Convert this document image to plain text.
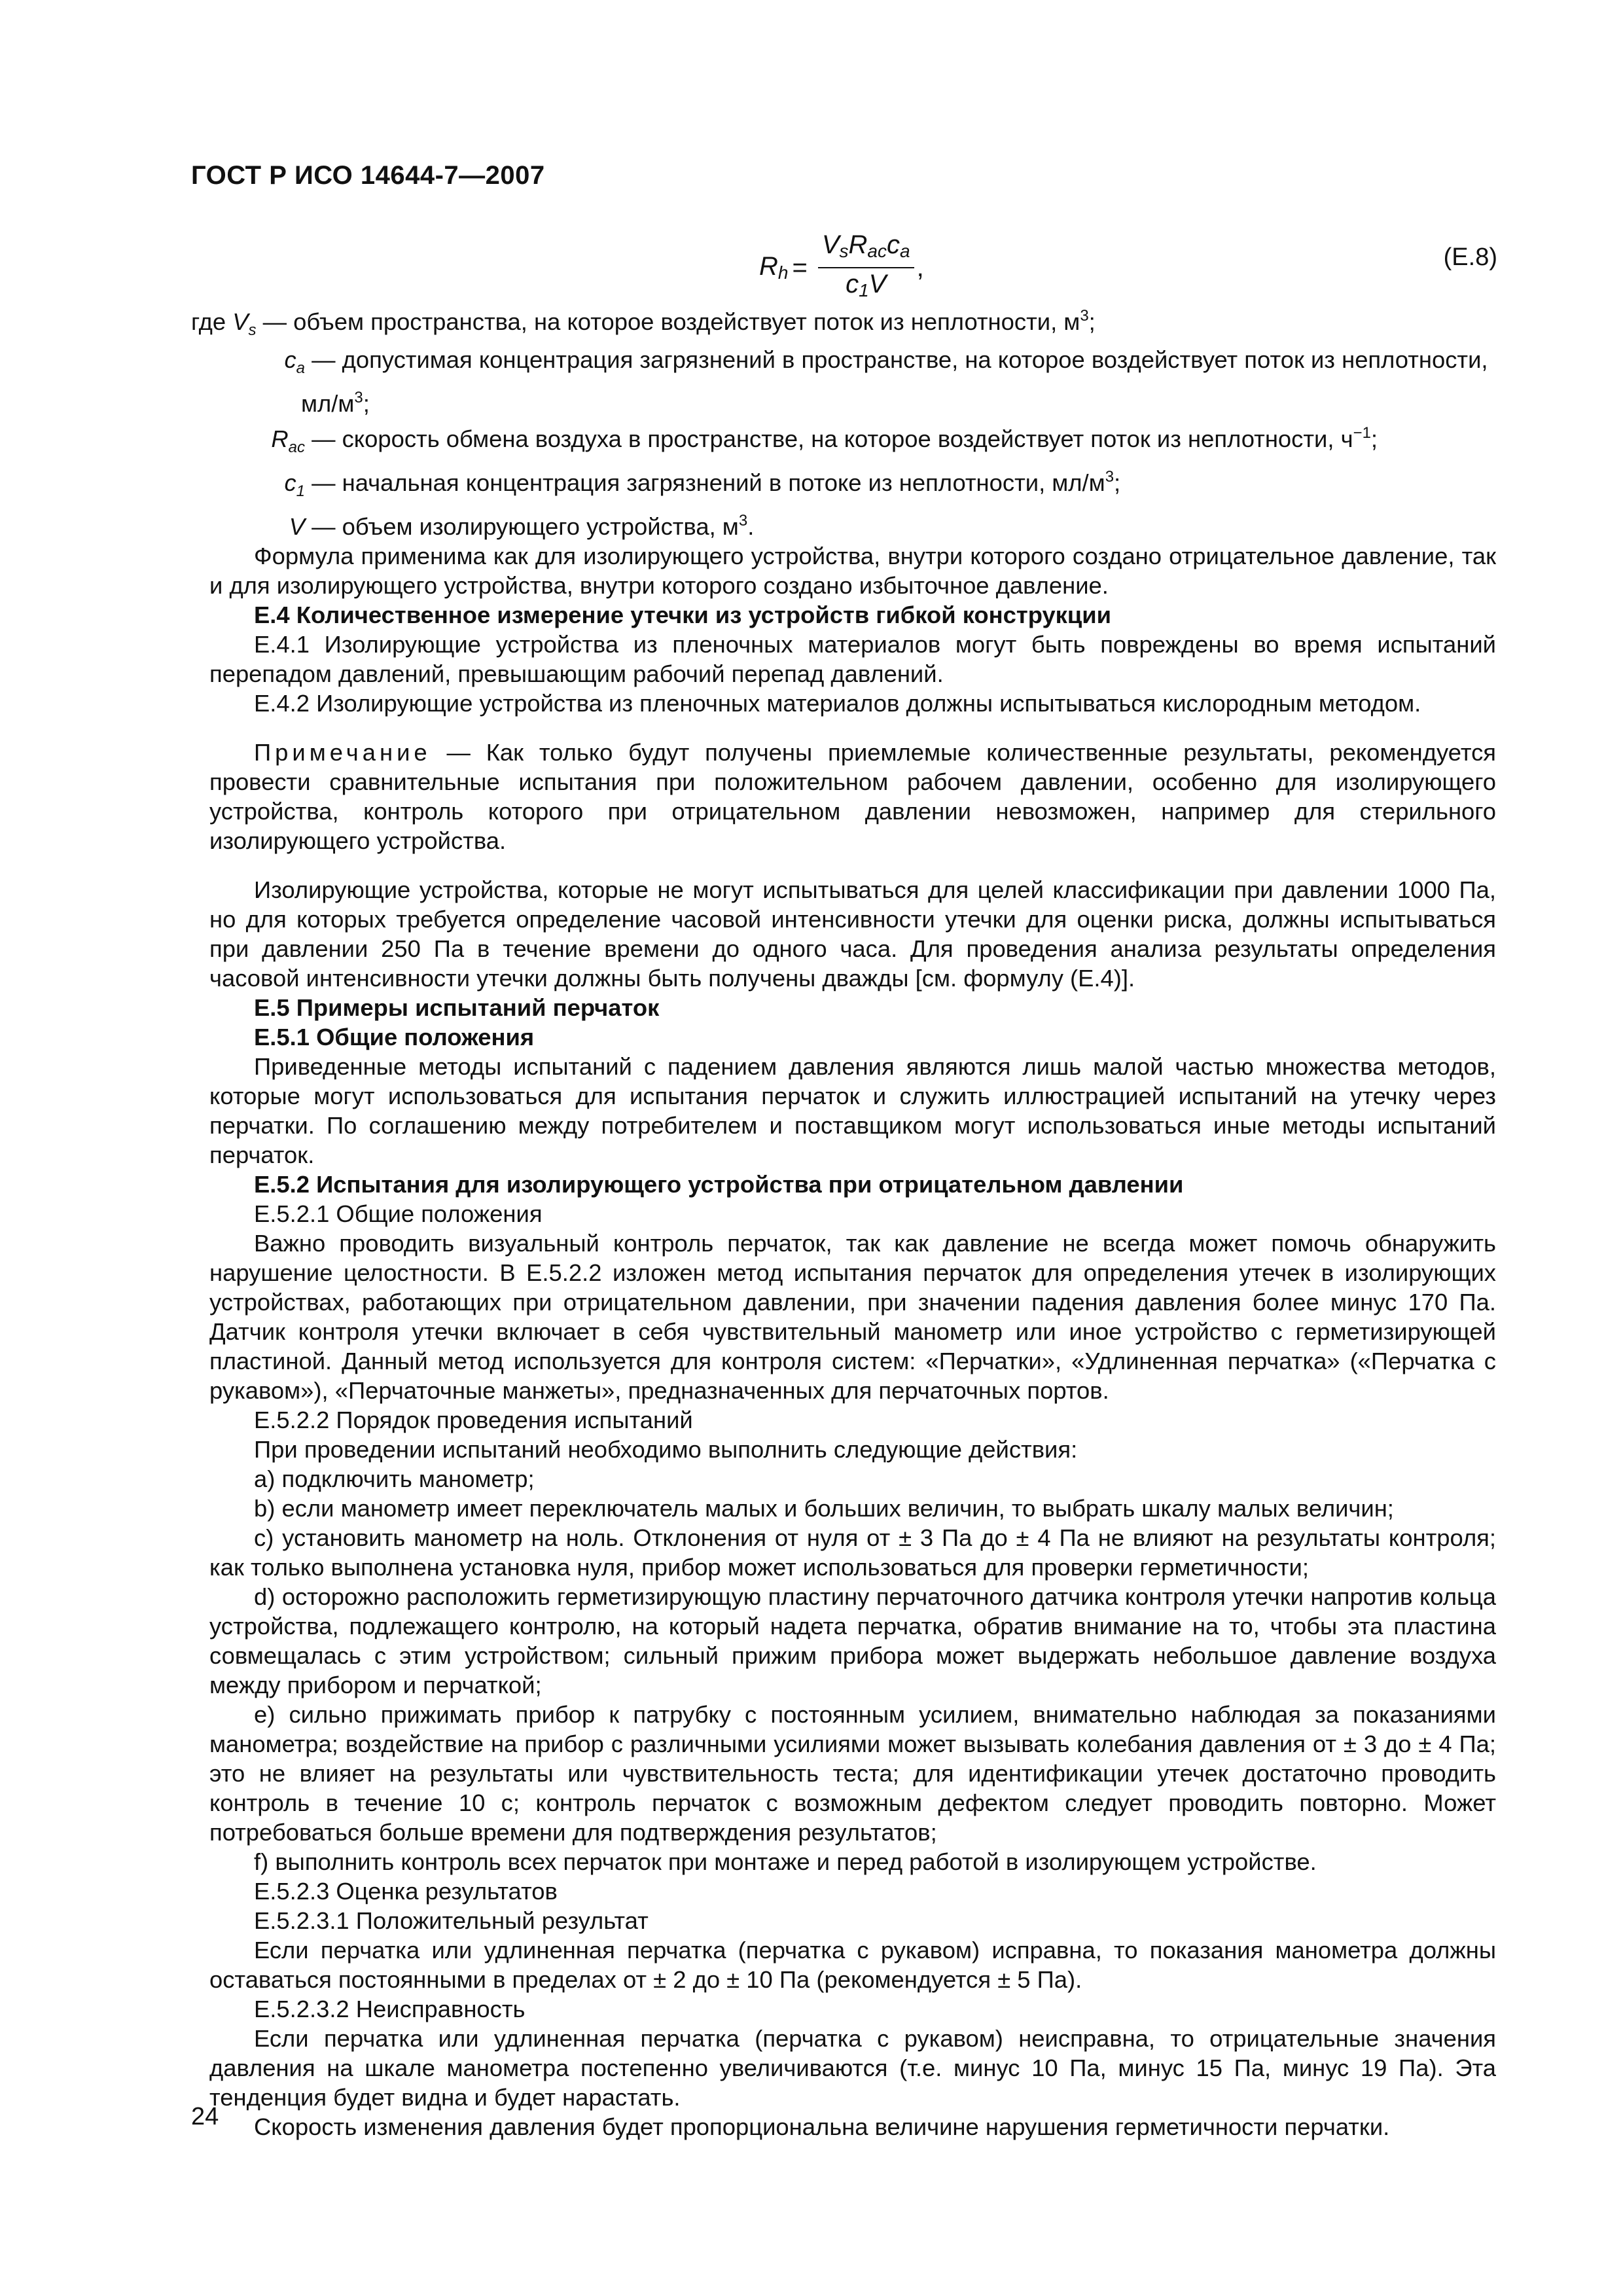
ГОСТ Р ИСО 14644-7—2007
$Rh = \frac{\text{VsRacca}}{c1V}$ ,	(E.8)
где $V_s$ — объем пространства, на которое воздействует поток из неплотности, $м^3$;
$c_a$ — допустимая концентрация загрязнений в пространстве, на которое воздействует поток из неплотности,
$мл/м^3$;
$R_{ac}$ — скорость обмена воздуха в пространстве, на которое воздействует поток из неплотности, $ч^{-1}$;
$c_1$ — начальная концентрация загрязнений в потоке из неплотности, $мл/м^3$;
V — объем изолирующего устройства, $м^3$.

Формула применима как для изолирующего устройства, внутри которого создано отрицательное давление, так и для изолирующего устройства, внутри которого создано избыточное давление.

Е.4 Количественное измерение утечки из устройств гибкой конструкции

Е.4.1 Изолирующие устройства из пленочных материалов могут быть повреждены во время испытаний перепадом давлений, превышающим рабочий перепад давлений.

Е.4.2 Изолирующие устройства из пленочных материалов должны испытываться кислородным методом.

Примечание — Как только будут получены приемлемые количественные результаты, рекомендуется провести сравнительные испытания при положительном рабочем давлении, особенно для изолирующего устройства, контроль которого при отрицательном давлении невозможен, например для стерильного изолирующего устройства.

Изолирующие устройства, которые не могут испытываться для целей классификации при давлении 1000 Па, но для которых требуется определение часовой интенсивности утечки для оценки риска, должны испытываться при давлении 250 Па в течение времени до одного часа. Для проведения анализа результаты определения часовой интенсивности утечки должны быть получены дважды [см. формулу (Е.4)].

Е.5 Примеры испытаний перчаток

Е.5.1 Общие положения

Приведенные методы испытаний с падением давления являются лишь малой частью множества методов, которые могут использоваться для испытания перчаток и служить иллюстрацией испытаний на утечку через перчатки. По соглашению между потребителем и поставщиком могут использоваться иные методы испытаний перчаток.

Е.5.2 Испытания для изолирующего устройства при отрицательном давлении

Е.5.2.1 Общие положения

Важно проводить визуальный контроль перчаток, так как давление не всегда может помочь обнаружить нарушение целостности. В Е.5.2.2 изложен метод испытания перчаток для определения утечек в изолирующих устройствах, работающих при отрицательном давлении, при значении падения давления более минус 170 Па. Датчик контроля утечки включает в себя чувствительный манометр или иное устройство с герметизирующей пластиной. Данный метод используется для контроля систем: «Перчатки», «Удлиненная перчатка» («Перчатка с рукавом»), «Перчаточные манжеты», предназначенных для перчаточных портов.

Е.5.2.2 Порядок проведения испытаний

При проведении испытаний необходимо выполнить следующие действия:

a) подключить манометр;

b) если манометр имеет переключатель малых и больших величин, то выбрать шкалу малых величин;

c) установить манометр на ноль. Отклонения от нуля от ± 3 Па до ± 4 Па не влияют на результаты контроля; как только выполнена установка нуля, прибор может использоваться для проверки герметичности;

d) осторожно расположить герметизирующую пластину перчаточного датчика контроля утечки напротив кольца устройства, подлежащего контролю, на который надета перчатка, обратив внимание на то, чтобы эта пластина совмещалась с этим устройством; сильный прижим прибора может выдержать небольшое давление воздуха между прибором и перчаткой;

e) сильно прижимать прибор к патрубку с постоянным усилием, внимательно наблюдая за показаниями манометра; воздействие на прибор с различными усилиями может вызывать колебания давления от ± 3 до ± 4 Па; это не влияет на результаты или чувствительность теста; для идентификации утечек достаточно проводить контроль в течение 10 с; контроль перчаток с возможным дефектом следует проводить повторно. Может потребоваться больше времени для подтверждения результатов;

f) выполнить контроль всех перчаток при монтаже и перед работой в изолирующем устройстве.

Е.5.2.3 Оценка результатов

Е.5.2.3.1 Положительный результат

Если перчатка или удлиненная перчатка (перчатка с рукавом) исправна, то показания манометра должны оставаться постоянными в пределах от ± 2 до ± 10 Па (рекомендуется ± 5 Па).

Е.5.2.3.2 Неисправность

Если перчатка или удлиненная перчатка (перчатка с рукавом) неисправна, то отрицательные значения давления на шкале манометра постепенно увеличиваются (т.е. минус 10 Па, минус 15 Па, минус 19 Па). Эта тенденция будет видна и будет нарастать.

Скорость изменения давления будет пропорциональна величине нарушения герметичности перчатки.

24
